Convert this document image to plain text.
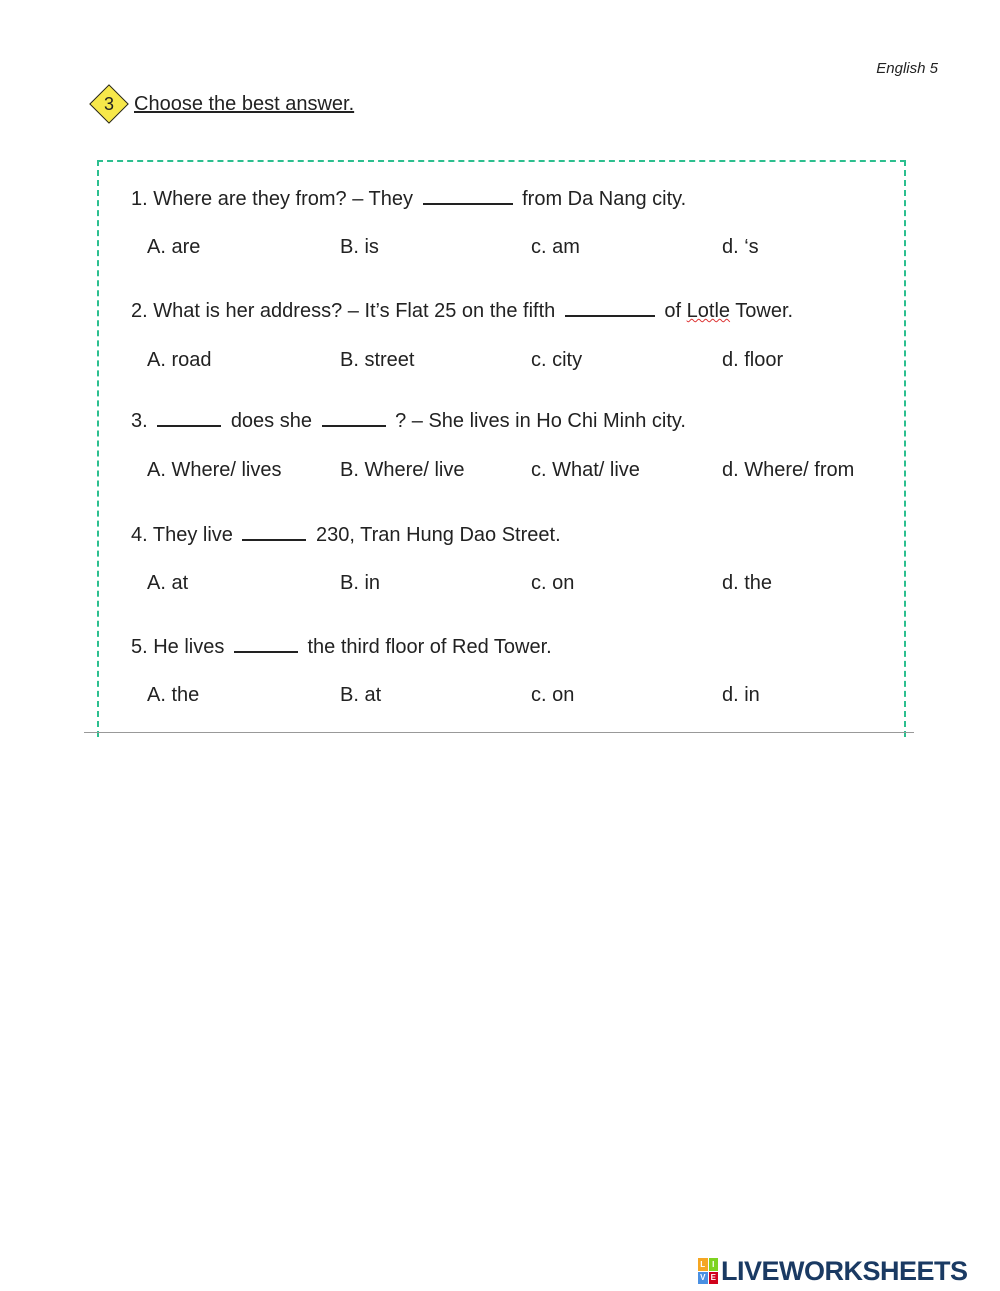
English 5
3	Choose the best answer.
1. Where are they from? – They	from Da Nang city.
A. are	B. is	c. am	d. ‘s
2. What is her address? – It’s Flat 25 on the fifth	of Lotle Tower.
A. road	B. street	c. city	d. floor
3.	does she	? – She lives in Ho Chi Minh city.
A. Where/ lives	B. Where/ live	c. What/ live	d. Where/ from
4. They live	230, Tran Hung Dao Street.
A. at	B. in	c. on	d. the
5. He lives	the third floor of Red Tower.
A. the	B. at	c. on	d. in
L I
V E LIVEWORKSHEETS
